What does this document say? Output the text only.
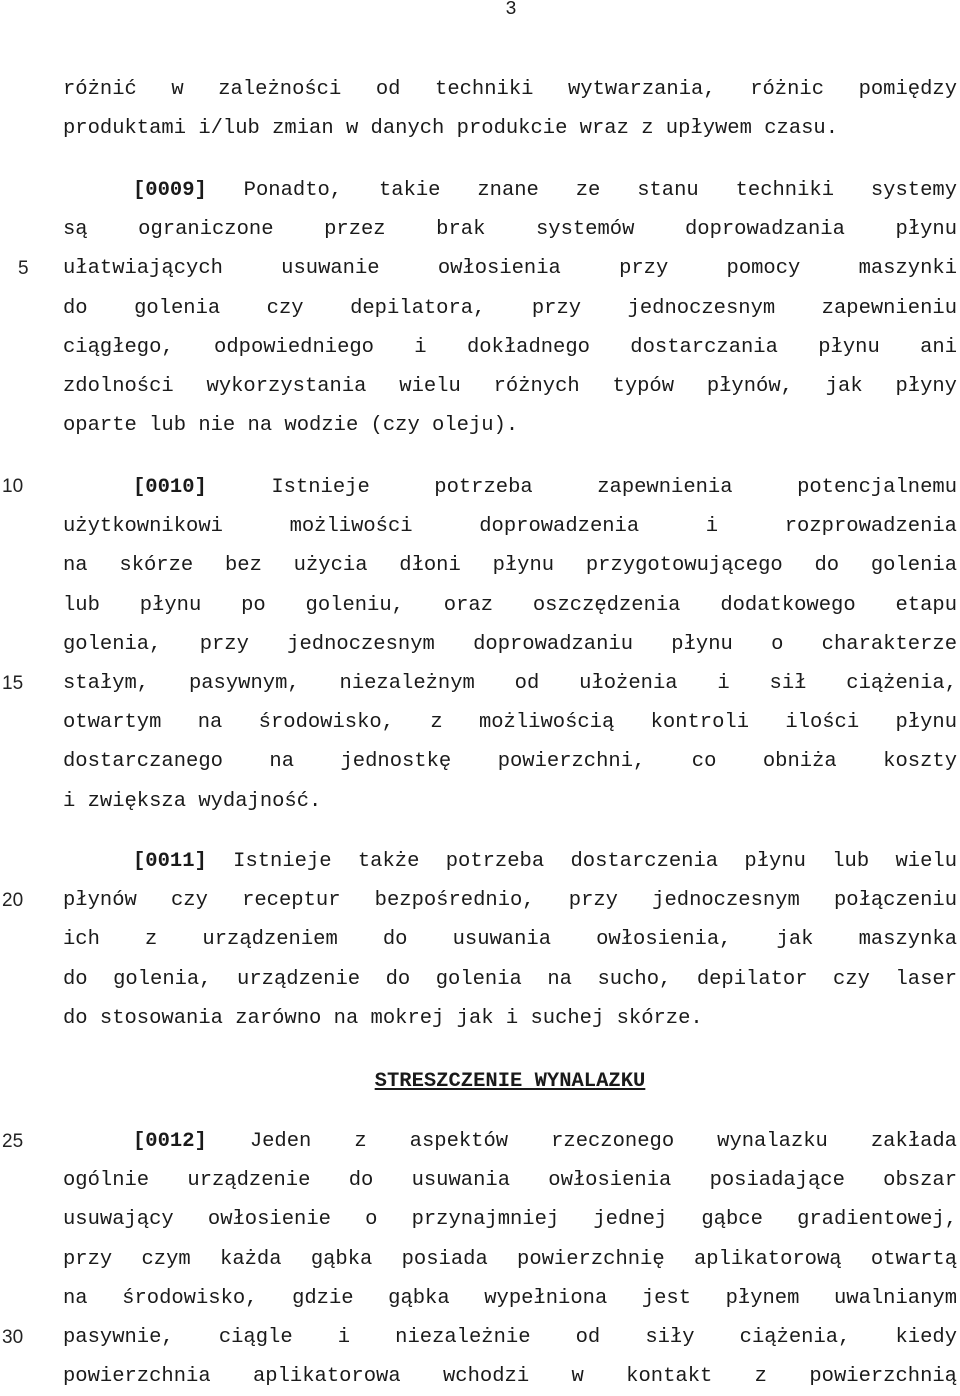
3
5
10
15
20
25
30
różnić w zależności od techniki wytwarzania, różnic pomiędzy
produktami i/lub zmian w danych produkcie wraz z upływem czasu.
[0009] Ponadto, takie znane ze stanu techniki systemy
są ograniczone przez brak systemów doprowadzania płynu
ułatwiających usuwanie owłosienia przy pomocy maszynki
do golenia czy depilatora, przy jednoczesnym zapewnieniu
ciągłego, odpowiedniego i dokładnego dostarczania płynu ani
zdolności wykorzystania wielu różnych typów płynów, jak płyny
oparte lub nie na wodzie (czy oleju).
[0010] Istnieje potrzeba zapewnienia potencjalnemu
użytkownikowi możliwości doprowadzenia i rozprowadzenia
na skórze bez użycia dłoni płynu przygotowującego do golenia
lub płynu po goleniu, oraz oszczędzenia dodatkowego etapu
golenia, przy jednoczesnym doprowadzaniu płynu o charakterze
stałym, pasywnym, niezależnym od ułożenia i sił ciążenia,
otwartym na środowisko, z możliwością kontroli ilości płynu
dostarczanego na jednostkę powierzchni, co obniża koszty
i zwiększa wydajność.
[0011] Istnieje także potrzeba dostarczenia płynu lub wielu
płynów czy receptur bezpośrednio, przy jednoczesnym połączeniu
ich z urządzeniem do usuwania owłosienia, jak maszynka
do golenia, urządzenie do golenia na sucho, depilator czy laser
do stosowania zarówno na mokrej jak i suchej skórze.
STRESZCZENIE WYNALAZKU
[0012] Jeden z aspektów rzeczonego wynalazku zakłada
ogólnie urządzenie do usuwania owłosienia posiadające obszar
usuwający owłosienie o przynajmniej jednej gąbce gradientowej,
przy czym każda gąbka posiada powierzchnię aplikatorową otwartą
na środowisko, gdzie gąbka wypełniona jest płynem uwalnianym
pasywnie, ciągle i niezależnie od siły ciążenia, kiedy
powierzchnia aplikatorowa wchodzi w kontakt z powierzchnią
